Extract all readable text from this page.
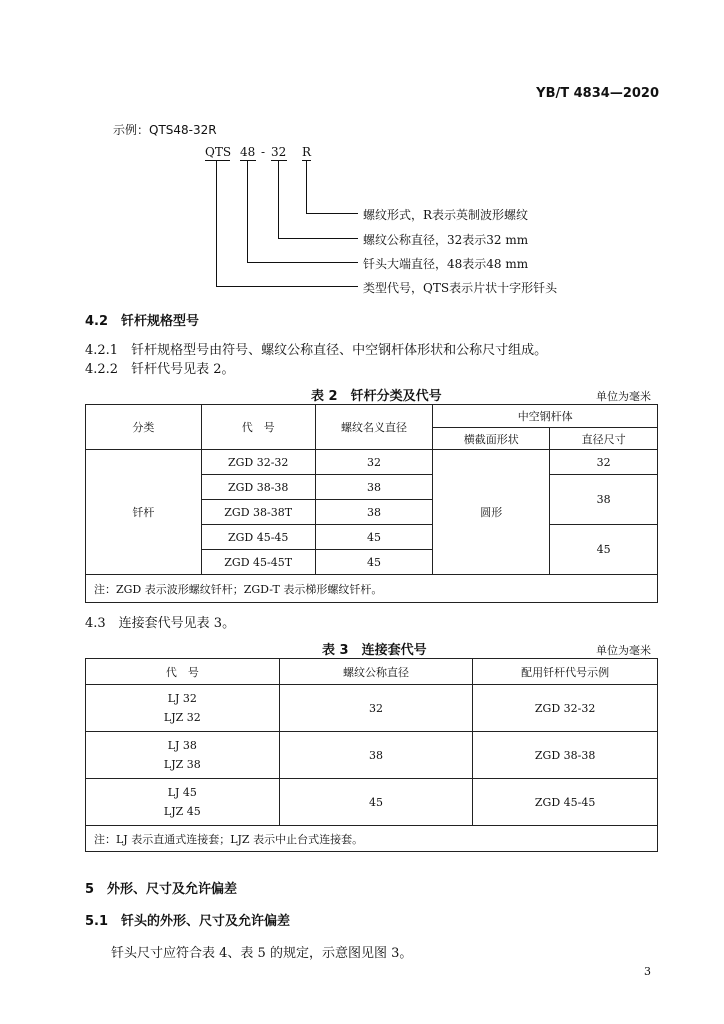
YB/T 4834—2020
示例：QTS48-32R
QTS 48 - 32 R
螺纹形式，R表示英制波形螺纹
螺纹公称直径，32表示32 mm
钎头大端直径，48表示48 mm
类型代号，QTS表示片状十字形钎头
4.2　钎杆规格型号
4.2.1　钎杆规格型号由符号、螺纹公称直径、中空钢杆体形状和公称尺寸组成。
4.2.2　钎杆代号见表 2。
表 2　钎杆分类及代号	单位为毫米
分类	代　号	螺纹名义直径	中空钢杆体	
			横截面形状	直径尺寸
钎杆	ZGD 32-32	32	圆形	32
	ZGD 38-38	38		38
	ZGD 38-38T	38		
	ZGD 45-45	45		45
	ZGD 45-45T	45		
注：ZGD 表示波形螺纹钎杆；ZGD-T 表示梯形螺纹钎杆。				
4.3　连接套代号见表 3。
表 3　连接套代号	单位为毫米
代　号	螺纹公称直径	配用钎杆代号示例

LJ 32
LJZ 32	32	ZGD 32-32

LJ 38
LJZ 38	38	ZGD 38-38

LJ 45
LJZ 45	45	ZGD 45-45
注：LJ 表示直通式连接套；LJZ 表示中止台式连接套。		
5　外形、尺寸及允许偏差
5.1　钎头的外形、尺寸及允许偏差
钎头尺寸应符合表 4、表 5 的规定，示意图见图 3。
3
